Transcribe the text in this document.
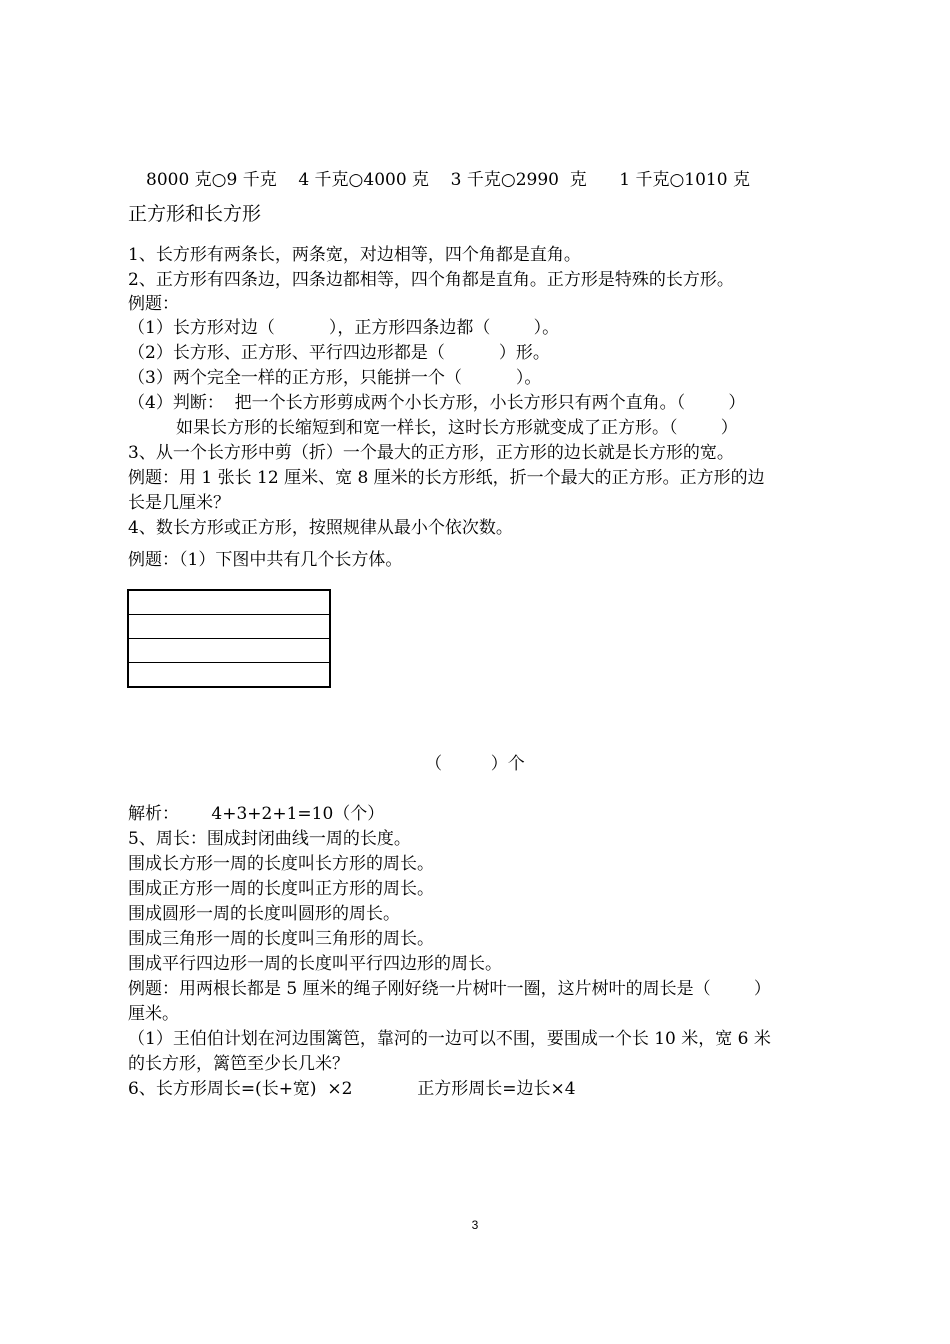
8000 克○9 千克    4 千克○4000 克    3 千克○2990  克      1 千克○1010 克
正方形和长方形
1、长方形有两条长，两条宽，对边相等，四个角都是直角。
2、正方形有四条边，四条边都相等，四个角都是直角。正方形是特殊的长方形。
例题：
（1）长方形对边（          ），正方形四条边都（        ）。
（2）长方形、正方形、平行四边形都是（          ）形。
（3）两个完全一样的正方形，只能拼一个（          ）。
（4）判断：  把一个长方形剪成两个小长方形，小长方形只有两个直角。（        ）
如果长方形的长缩短到和宽一样长，这时长方形就变成了正方形。（        ）
3、从一个长方形中剪（折）一个最大的正方形，正方形的边长就是长方形的宽。
例题：用 1 张长 12 厘米、宽 8 厘米的长方形纸，折一个最大的正方形。正方形的边
长是几厘米？
4、数长方形或正方形，按照规律从最小个依次数。
例题：（1）下图中共有几个长方体。
（         ）个
解析：      4+3+2+1=10（个）
5、周长：围成封闭曲线一周的长度。
围成长方形一周的长度叫长方形的周长。
围成正方形一周的长度叫正方形的周长。
围成圆形一周的长度叫圆形的周长。
围成三角形一周的长度叫三角形的周长。
围成平行四边形一周的长度叫平行四边形的周长。
例题：用两根长都是 5 厘米的绳子刚好绕一片树叶一圈，这片树叶的周长是（        ）
厘米。
（1）王伯伯计划在河边围篱笆，靠河的一边可以不围，要围成一个长 10 米，宽 6 米
的长方形，篱笆至少长几米？
6、长方形周长=(长+宽)  ×2            正方形周长=边长×4
3
